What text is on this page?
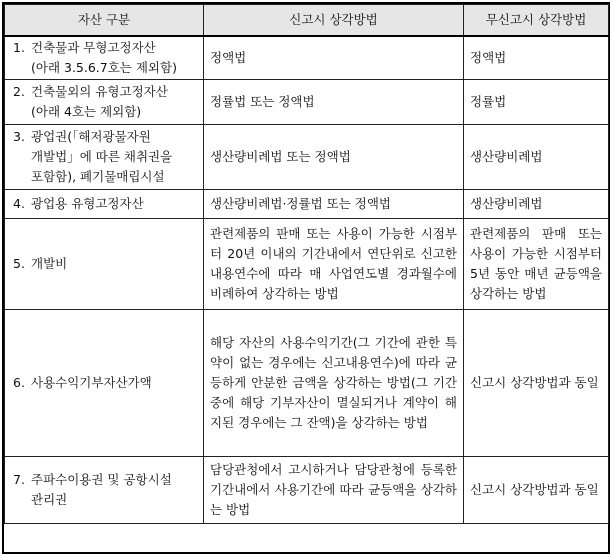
자산 구분	신고시 상각방법	무신고시 상각방법
1. 건축물과 무형고정자산
(아래 3.5.6.7호는 제외함)	정액법	정액법
2. 건축물외의 유형고정자산
(아래 4호는 제외함)	정률법 또는 정액법	정률법
3. 광업권(「해저광물자원
개발법」에 따른 채취권을
포함함), 폐기물매립시설	생산량비례법 또는 정액법	생산량비례법
4. 광업용 유형고정자산	생산량비례법·정률법 또는 정액법	생산량비례법
5. 개발비	관련제품의 판매 또는 사용이 가능한 시점부터 20년 이내의 기간내에서 연단위로 신고한 내용연수에 따라 매 사업연도별 경과월수에 비례하여 상각하는 방법	관련제품의 판매 또는 사용이 가능한 시점부터 5년 동안 매년 균등액을 상각하는 방법
6. 사용수익기부자산가액	해당 자산의 사용수익기간(그 기간에 관한 특약이 없는 경우에는 신고내용연수)에 따라 균등하게 안분한 금액을 상각하는 방법(그 기간 중에 해당 기부자산이 멸실되거나 계약이 해지된 경우에는 그 잔액)을 상각하는 방법	신고시 상각방법과 동일
7. 주파수이용권 및 공항시설
관리권	담당관청에서 고시하거나 담당관청에 등록한 기간내에서 사용기간에 따라 균등액을 상각하는 방법	신고시 상각방법과 동일
